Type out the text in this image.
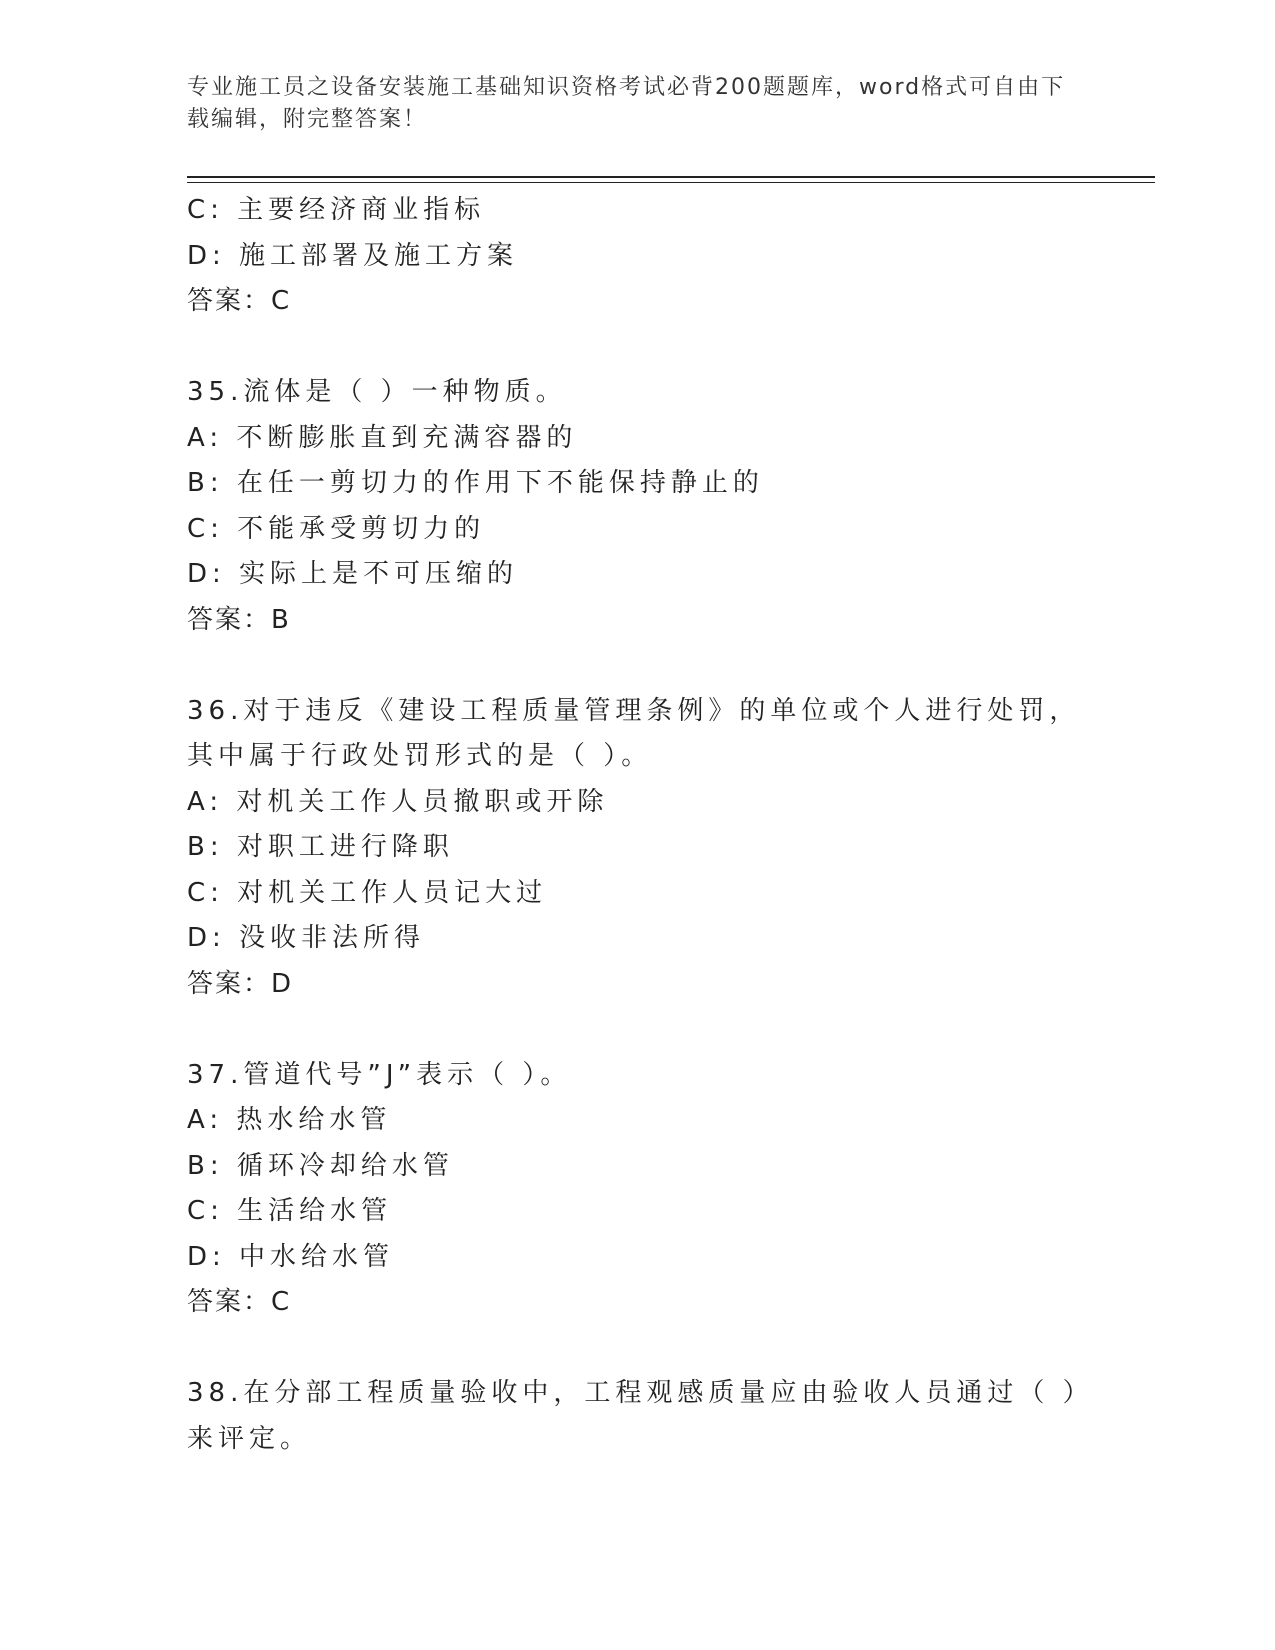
专业施工员之设备安装施工基础知识资格考试必背200题题库，word格式可自由下载编辑，附完整答案！
C: 主要经济商业指标
D: 施工部署及施工方案
答案：C
35.流体是（ ）一种物质。
A: 不断膨胀直到充满容器的
B: 在任一剪切力的作用下不能保持静止的
C: 不能承受剪切力的
D: 实际上是不可压缩的
答案：B
36.对于违反《建设工程质量管理条例》的单位或个人进行处罚，其中属于行政处罚形式的是（ ）。
A: 对机关工作人员撤职或开除
B: 对职工进行降职
C: 对机关工作人员记大过
D: 没收非法所得
答案：D
37.管道代号”J”表示（ ）。
A: 热水给水管
B: 循环冷却给水管
C: 生活给水管
D: 中水给水管
答案：C
38.在分部工程质量验收中，工程观感质量应由验收人员通过（ ）来评定。
